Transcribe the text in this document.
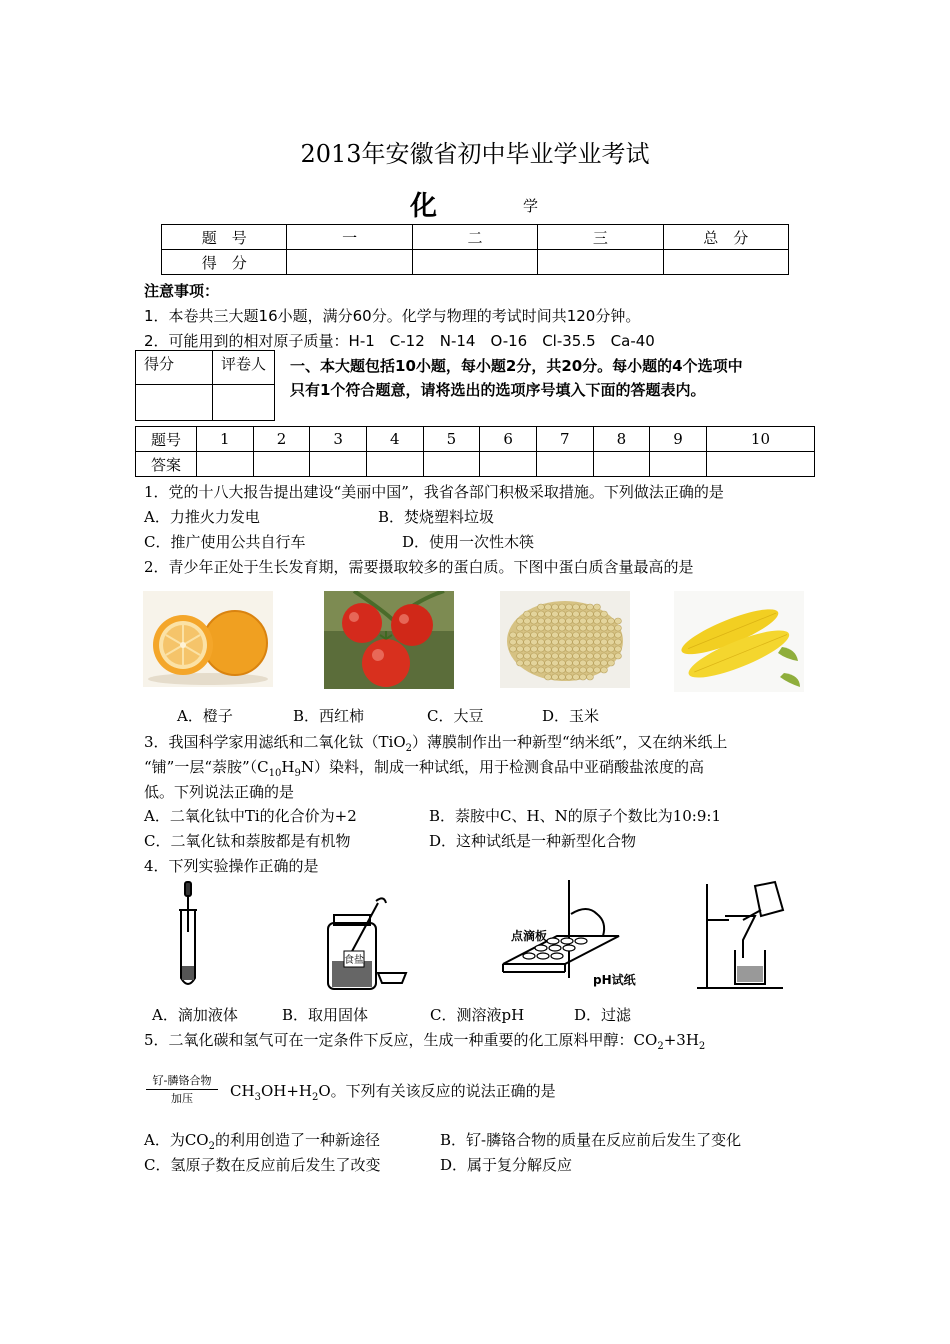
2013年安徽省初中毕业学业考试
化	学
题　号	一	二	三	总　分
得　分				
注意事项：
1．本卷共三大题16小题，满分60分。化学与物理的考试时间共120分钟。
2．可能用到的相对原子质量：H-1　C-12　N-14　O-16　Cl-35.5　Ca-40
得分	评卷人
	一、本大题包括10小题，每小题2分，共20分。每小题的4个选项中
只有1个符合题意，请将选出的选项序号填入下面的答题表内。
题号	1	2	3	4	5	6	7	8	9	10
答案										
1．党的十八大报告提出建设“美丽中国”，我省各部门积极采取措施。下列做法正确的是
A．力推火力发电	B．焚烧塑料垃圾
C．推广使用公共自行车	D．使用一次性木筷
2．青少年正处于生长发育期，需要摄取较多的蛋白质。下图中蛋白质含量最高的是
A．橙子	B．西红柿	C．大豆	D．玉米
3．我国科学家用滤纸和二氧化钛（TiO$_2$）薄膜制作出一种新型“纳米纸”，又在纳米纸上
“铺”一层“萘胺$”(C_{10}H_9N)$染料，制成一种试纸，用于检测食品中亚硝酸盐浓度的高
低。下列说法正确的是
A．二氧化钛中Ti的化合价为+2	B．萘胺中C、H、N的原子个数比为10:9:1
C．二氧化钛和萘胺都是有机物	D．这种试纸是一种新型化合物
4．下列实验操作正确的是
食盐
点滴板
pH试纸
A．滴加液体	B．取用固体	C．测溶液pH	D．过滤
5．二氧化碳和氢气可在一定条件下反应，生成一种重要的化工原料甲醇：$CO_2+3H_2$
钌-膦铬合物
加压	$CH_3OH+H_2O$。下列有关该反应的说法正确的是
A．为$CO_2$的利用创造了一种新途径	B．钌-膦铬合物的质量在反应前后发生了变化
C．氢原子数在反应前后发生了改变	D．属于复分解反应
